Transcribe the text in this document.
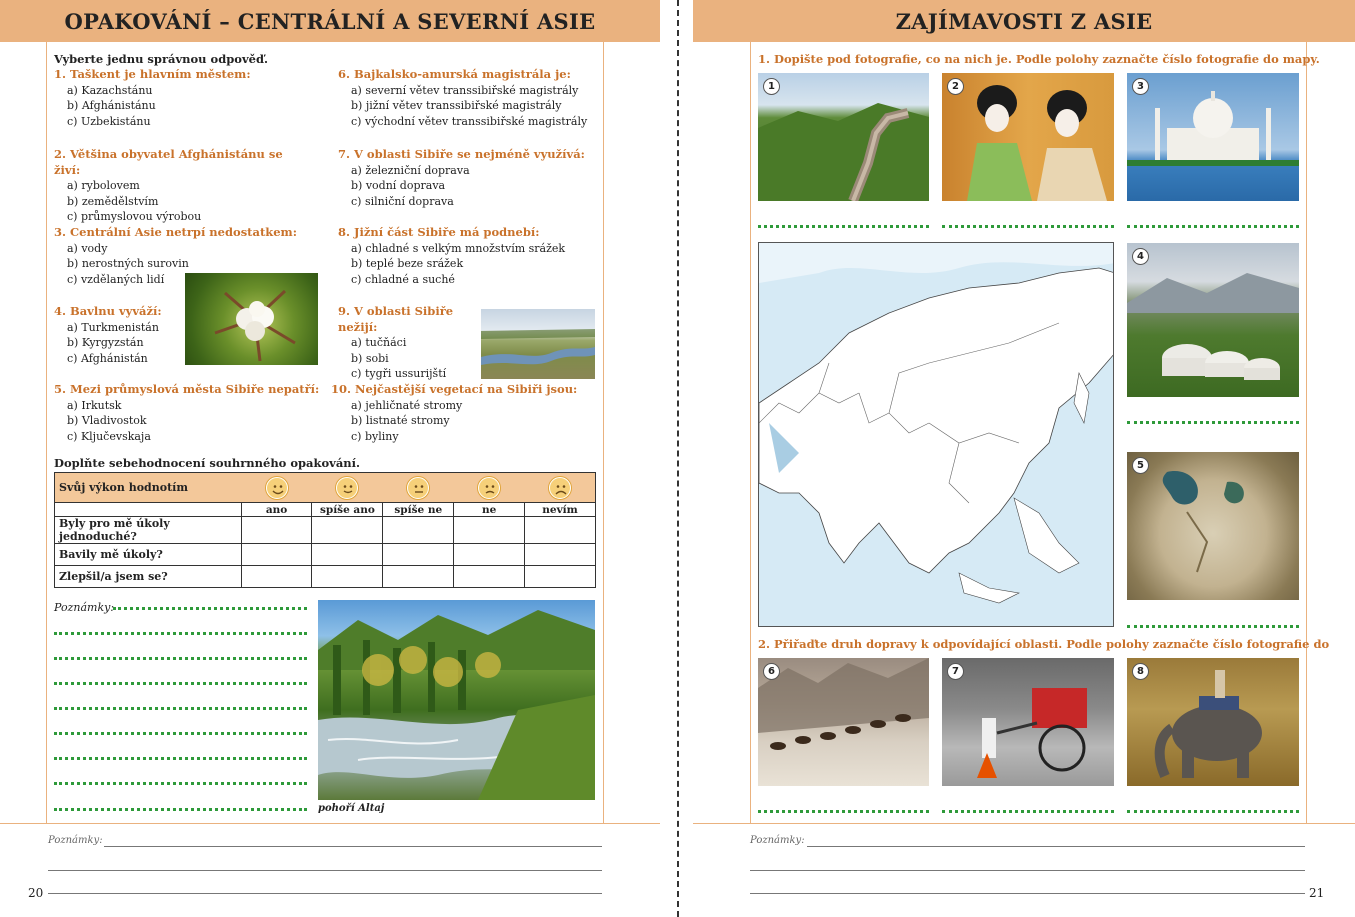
OPAKOVÁNÍ – CENTRÁLNÍ A SEVERNÍ ASIE
Vyberte jednu správnou odpověď.
1. Taškent je hlavním městem:
a) Kazachstánu
b) Afghánistánu
c) Uzbekistánu
2. Většina obyvatel Afghánistánu se živí:
a) rybolovem
b) zemědělstvím
c) průmyslovou výrobou
3. Centrální Asie netrpí nedostatkem:
a) vody
b) nerostných surovin
c) vzdělaných lidí
4. Bavlnu vyváží:
a) Turkmenistán
b) Kyrgyzstán
c) Afghánistán
5. Mezi průmyslová města Sibiře nepatří:
a) Irkutsk
b) Vladivostok
c) Ključevskaja
6. Bajkalsko-amurská magistrála je:
a) severní větev transsibiřské magistrály
b) jižní větev transsibiřské magistrály
c) východní větev transsibiřské magistrály
7. V oblasti Sibiře se nejméně využívá:
a) železniční doprava
b) vodní doprava
c) silniční doprava
8. Jižní část Sibiře má podnebí:
a) chladné s velkým množstvím srážek
b) teplé beze srážek
c) chladné a suché
9. V oblasti Sibiře nežijí:
a) tučňáci
b) sobi
c) tygři ussurijští
10. Nejčastější vegetací na Sibiři jsou:
a) jehličnaté stromy
b) listnaté stromy
c) byliny
Doplňte sebehodnocení souhrnného opakování.
Svůj výkon hodnotím					
	ano	spíše ano	spíše ne	ne	nevím
Byly pro mě úkoly jednoduché?					
Bavily mě úkoly?					
Zlepšil/a jsem se?					
Poznámky:
pohoří Altaj
Poznámky:
20
ZAJÍMAVOSTI Z ASIE
1. Dopište pod fotografie, co na nich je. Podle polohy zaznačte číslo fotografie do mapy.
1	2	3
4
5
2. Přiřaďte druh dopravy k odpovídající oblasti. Podle polohy zaznačte číslo fotografie do
6	7	8
Poznámky:
21
